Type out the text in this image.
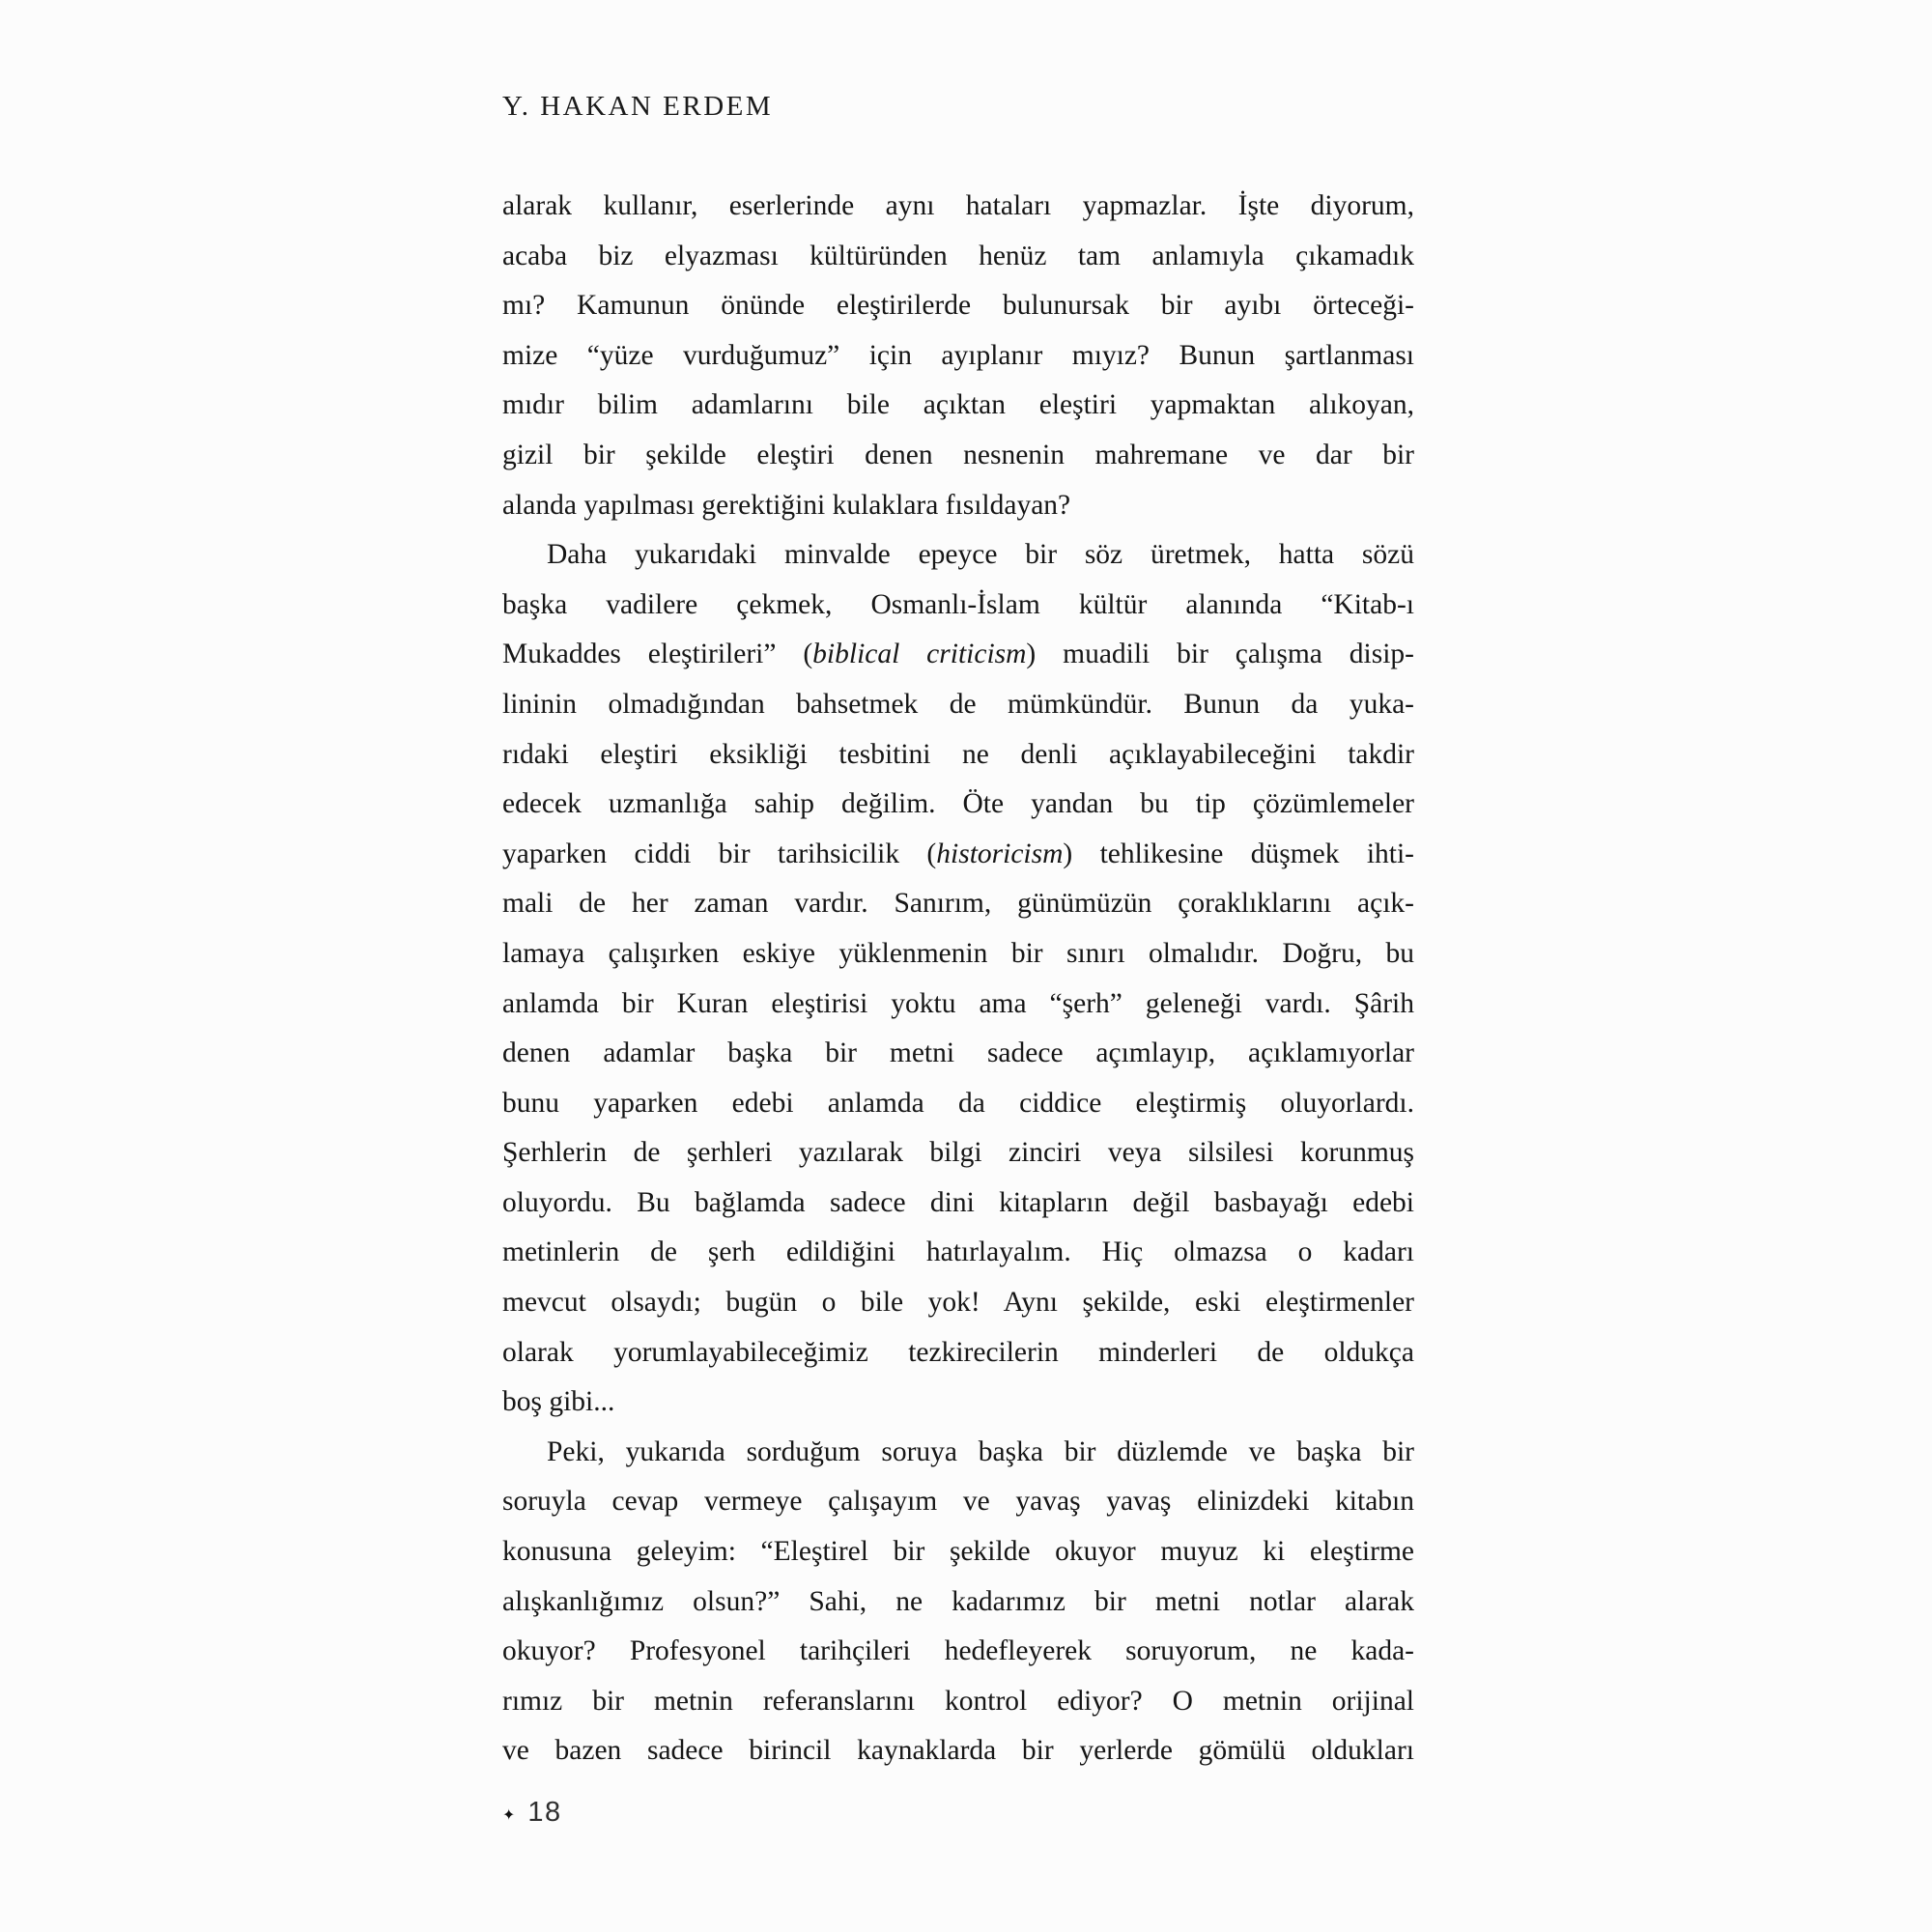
Y. HAKAN ERDEM
alarak kullanır, eserlerinde aynı hataları yapmazlar. İşte diyorum,
acaba biz elyazması kültüründen henüz tam anlamıyla çıkamadık
mı? Kamunun önünde eleştirilerde bulunursak bir ayıbı örteceği-
mize “yüze vurduğumuz” için ayıplanır mıyız? Bunun şartlanması
mıdır bilim adamlarını bile açıktan eleştiri yapmaktan alıkoyan,
gizil bir şekilde eleştiri denen nesnenin mahremane ve dar bir
alanda yapılması gerektiğini kulaklara fısıldayan?
Daha yukarıdaki minvalde epeyce bir söz üretmek, hatta sözü
başka vadilere çekmek, Osmanlı-İslam kültür alanında “Kitab-ı
Mukaddes eleştirileri” (biblical criticism) muadili bir çalışma disip-
lininin olmadığından bahsetmek de mümkündür. Bunun da yuka-
rıdaki eleştiri eksikliği tesbitini ne denli açıklayabileceğini takdir
edecek uzmanlığa sahip değilim. Öte yandan bu tip çözümlemeler
yaparken ciddi bir tarihsicilik (historicism) tehlikesine düşmek ihti-
mali de her zaman vardır. Sanırım, günümüzün çoraklıklarını açık-
lamaya çalışırken eskiye yüklenmenin bir sınırı olmalıdır. Doğru, bu
anlamda bir Kuran eleştirisi yoktu ama “şerh” geleneği vardı. Şârih
denen adamlar başka bir metni sadece açımlayıp, açıklamıyorlar
bunu yaparken edebi anlamda da ciddice eleştirmiş oluyorlardı.
Şerhlerin de şerhleri yazılarak bilgi zinciri veya silsilesi korunmuş
oluyordu. Bu bağlamda sadece dini kitapların değil basbayağı edebi
metinlerin de şerh edildiğini hatırlayalım. Hiç olmazsa o kadarı
mevcut olsaydı; bugün o bile yok! Aynı şekilde, eski eleştirmenler
olarak yorumlayabileceğimiz tezkirecilerin minderleri de oldukça
boş gibi...
Peki, yukarıda sorduğum soruya başka bir düzlemde ve başka bir
soruyla cevap vermeye çalışayım ve yavaş yavaş elinizdeki kitabın
konusuna geleyim: “Eleştirel bir şekilde okuyor muyuz ki eleştirme
alışkanlığımız olsun?” Sahi, ne kadarımız bir metni notlar alarak
okuyor? Profesyonel tarihçileri hedefleyerek soruyorum, ne kada-
rımız bir metnin referanslarını kontrol ediyor? O metnin orijinal
ve bazen sadece birincil kaynaklarda bir yerlerde gömülü oldukları
✦ 18
